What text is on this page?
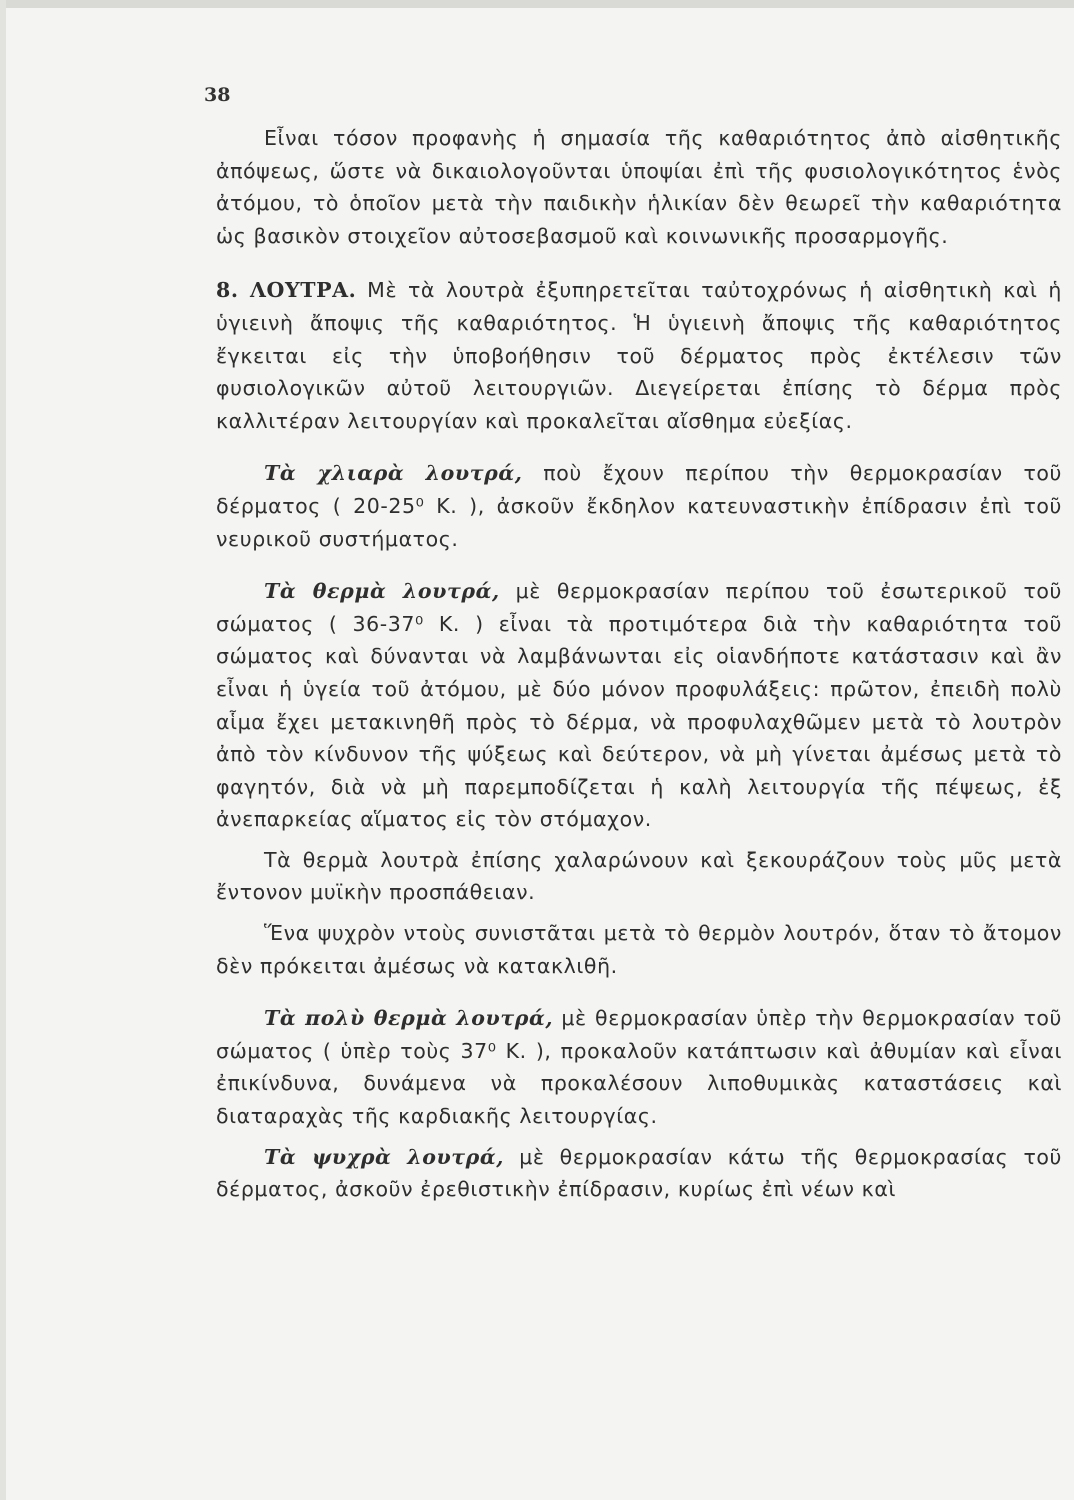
38

Εἶναι τόσον προφανὴς ἡ σημασία τῆς καθαριότητος ἀπὸ αἰσθητικῆς ἀπόψεως, ὥστε νὰ δικαιολογοῦνται ὑποψίαι ἐπὶ τῆς φυσιολογικότητος ἑνὸς ἀτόμου, τὸ ὁποῖον μετὰ τὴν παιδικὴν ἡλικίαν δὲν θεωρεῖ τὴν καθαριότητα ὡς βασικὸν στοιχεῖον αὐτοσεβασμοῦ καὶ κοινωνικῆς προσαρμογῆς.

8. ΛΟΥΤΡΑ. Μὲ τὰ λουτρὰ ἐξυπηρετεῖται ταὐτοχρόνως ἡ αἰσθητικὴ καὶ ἡ ὑγιεινὴ ἄποψις τῆς καθαριότητος. Ἡ ὑγιεινὴ ἄποψις τῆς καθαριότητος ἔγκειται εἰς τὴν ὑποβοήθησιν τοῦ δέρματος πρὸς ἐκτέλεσιν τῶν φυσιολογικῶν αὐτοῦ λειτουργιῶν. Διεγείρεται ἐπίσης τὸ δέρμα πρὸς καλλιτέραν λειτουργίαν καὶ προκαλεῖται αἴσθημα εὐεξίας.

Τὰ χλιαρὰ λουτρά, ποὺ ἔχουν περίπου τὴν θερμοκρασίαν τοῦ δέρματος ( 20-25⁰ Κ. ), ἀσκοῦν ἔκδηλον κατευναστικὴν ἐπίδρασιν ἐπὶ τοῦ νευρικοῦ συστήματος.

Τὰ θερμὰ λουτρά, μὲ θερμοκρασίαν περίπου τοῦ ἐσωτερικοῦ τοῦ σώματος ( 36-37⁰ Κ. ) εἶναι τὰ προτιμότερα διὰ τὴν καθαριότητα τοῦ σώματος καὶ δύνανται νὰ λαμβάνωνται εἰς οἱανδήποτε κατάστασιν καὶ ἂν εἶναι ἡ ὑγεία τοῦ ἀτόμου, μὲ δύο μόνον προφυλάξεις: πρῶτον, ἐπειδὴ πολὺ αἷμα ἔχει μετακινηθῆ πρὸς τὸ δέρμα, νὰ προφυλαχθῶμεν μετὰ τὸ λουτρὸν ἀπὸ τὸν κίνδυνον τῆς ψύξεως καὶ δεύτερον, νὰ μὴ γίνεται ἀμέσως μετὰ τὸ φαγητόν, διὰ νὰ μὴ παρεμποδίζεται ἡ καλὴ λειτουργία τῆς πέψεως, ἐξ ἀνεπαρκείας αἵματος εἰς τὸν στόμαχον.

Τὰ θερμὰ λουτρὰ ἐπίσης χαλαρώνουν καὶ ξεκουράζουν τοὺς μῦς μετὰ ἔντονον μυϊκὴν προσπάθειαν.

Ἕνα ψυχρὸν ντοὺς συνιστᾶται μετὰ τὸ θερμὸν λουτρόν, ὅταν τὸ ἄτομον δὲν πρόκειται ἀμέσως νὰ κατακλιθῆ.

Τὰ πολὺ θερμὰ λουτρά, μὲ θερμοκρασίαν ὑπὲρ τὴν θερμοκρασίαν τοῦ σώματος ( ὑπὲρ τοὺς 37⁰ Κ. ), προκαλοῦν κατάπτωσιν καὶ ἀθυμίαν καὶ εἶναι ἐπικίνδυνα, δυνάμενα νὰ προκαλέσουν λιποθυμικὰς καταστάσεις καὶ διαταραχὰς τῆς καρδιακῆς λειτουργίας.

Τὰ ψυχρὰ λουτρά, μὲ θερμοκρασίαν κάτω τῆς θερμοκρασίας τοῦ δέρματος, ἀσκοῦν ἐρεθιστικὴν ἐπίδρασιν, κυρίως ἐπὶ νέων καὶ
